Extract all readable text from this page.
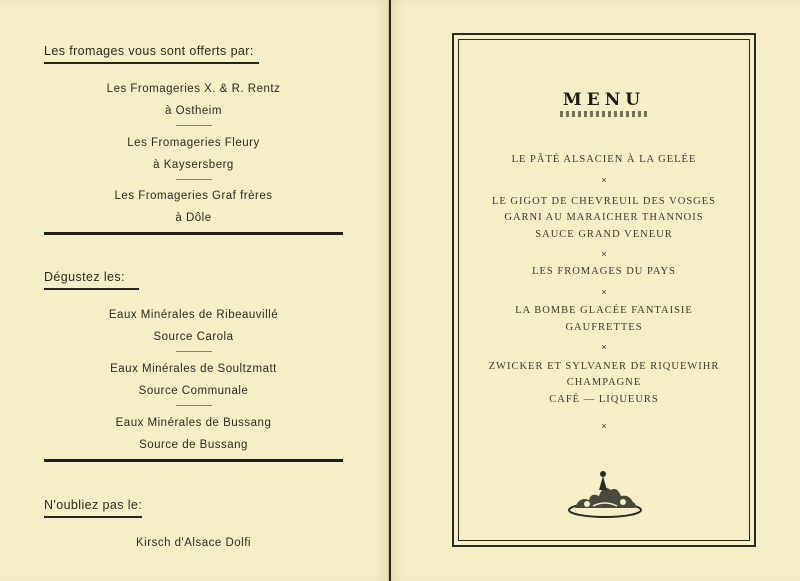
Les fromages vous sont offerts par:
Les Fromageries X. & R. Rentz
à Ostheim
Les Fromageries Fleury
à Kaysersberg
Les Fromageries Graf frères
à Dôle
Dégustez les:
Eaux Minérales de Ribeauvillé
Source Carola
Eaux Minérales de Soultzmatt
Source Communale
Eaux Minérales de Bussang
Source de Bussang
N'oubliez pas le:
Kirsch d'Alsace Dolfi
MENU
LE PÂTÉ ALSACIEN À LA GELÉE
×
LE GIGOT DE CHEVREUIL DES VOSGES
GARNI AU MARAICHER THANNOIS
SAUCE GRAND VENEUR
×
LES FROMAGES DU PAYS
×
LA BOMBE GLACÉE FANTAISIE
GAUFRETTES
×
ZWICKER ET SYLVANER DE RIQUEWIHR
CHAMPAGNE
CAFÉ — LIQUEURS
×
